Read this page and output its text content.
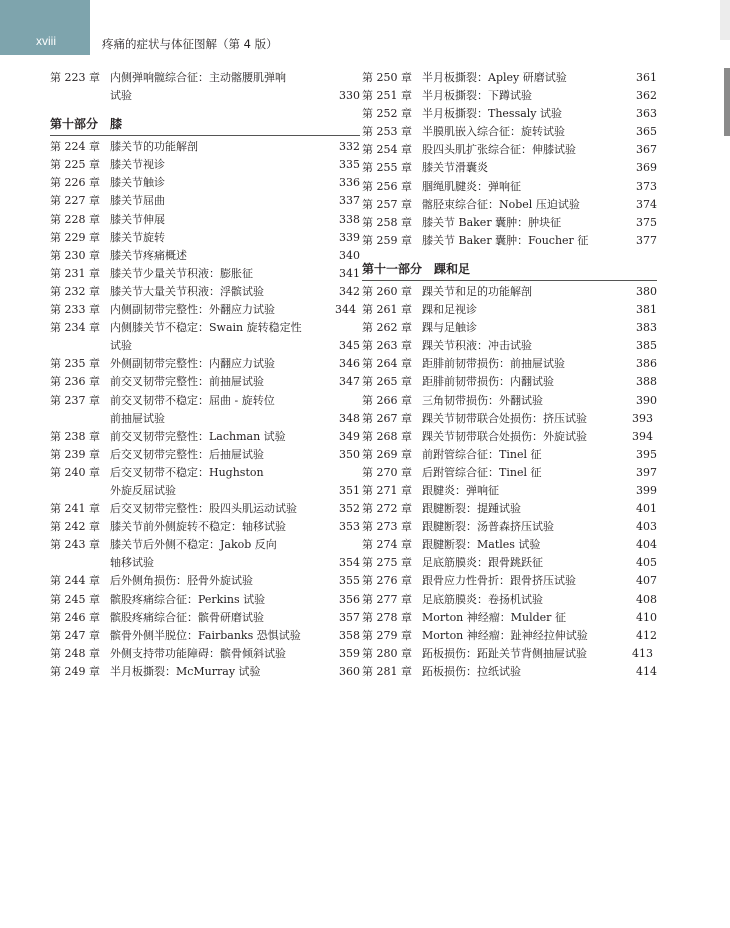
xviii	疼痛的症状与体征图解（第 4 版）
第 223 章 内侧弹响髋综合征：主动髂腰肌弹响
试验	330
第十部分　膝
第 224 章 膝关节的功能解剖	332
第 225 章 膝关节视诊	335
第 226 章 膝关节触诊	336
第 227 章 膝关节屈曲	337
第 228 章 膝关节伸展	338
第 229 章 膝关节旋转	339
第 230 章 膝关节疼痛概述	340
第 231 章 膝关节少量关节积液：膨胀征	341
第 232 章 膝关节大量关节积液：浮髌试验	342
第 233 章 内侧副韧带完整性：外翻应力试验	344
第 234 章 内侧膝关节不稳定：Swain 旋转稳定性
试验	345
第 235 章 外侧副韧带完整性：内翻应力试验	346
第 236 章 前交叉韧带完整性：前抽屉试验	347
第 237 章 前交叉韧带不稳定：屈曲 - 旋转位
前抽屉试验	348
第 238 章 前交叉韧带完整性：Lachman 试验	349
第 239 章 后交叉韧带完整性：后抽屉试验	350
第 240 章 后交叉韧带不稳定：Hughston
外旋反屈试验	351
第 241 章 后交叉韧带完整性：股四头肌运动试验	352
第 242 章 膝关节前外侧旋转不稳定：轴移试验	353
第 243 章 膝关节后外侧不稳定：Jakob 反向
轴移试验	354
第 244 章 后外侧角损伤：胫骨外旋试验	355
第 245 章 髌股疼痛综合征：Perkins 试验	356
第 246 章 髌股疼痛综合征：髌骨研磨试验	357
第 247 章 髌骨外侧半脱位：Fairbanks 恐惧试验	358
第 248 章 外侧支持带功能障碍：髌骨倾斜试验	359
第 249 章 半月板撕裂：McMurray 试验	360
第 250 章 半月板撕裂：Apley 研磨试验	361
第 251 章 半月板撕裂：下蹲试验	362
第 252 章 半月板撕裂：Thessaly 试验	363
第 253 章 半膜肌嵌入综合征：旋转试验	365
第 254 章 股四头肌扩张综合征：伸膝试验	367
第 255 章 膝关节滑囊炎	369
第 256 章 腘绳肌腱炎：弹响征	373
第 257 章 髂胫束综合征：Nobel 压迫试验	374
第 258 章 膝关节 Baker 囊肿：肿块征	375
第 259 章 膝关节 Baker 囊肿：Foucher 征	377
第十一部分　踝和足
第 260 章 踝关节和足的功能解剖	380
第 261 章 踝和足视诊	381
第 262 章 踝与足触诊	383
第 263 章 踝关节积液：冲击试验	385
第 264 章 距腓前韧带损伤：前抽屉试验	386
第 265 章 距腓前韧带损伤：内翻试验	388
第 266 章 三角韧带损伤：外翻试验	390
第 267 章 踝关节韧带联合处损伤：挤压试验	393
第 268 章 踝关节韧带联合处损伤：外旋试验	394
第 269 章 前跗管综合征：Tinel 征	395
第 270 章 后跗管综合征：Tinel 征	397
第 271 章 跟腱炎：弹响征	399
第 272 章 跟腱断裂：提踵试验	401
第 273 章 跟腱断裂：汤普森挤压试验	403
第 274 章 跟腱断裂：Matles 试验	404
第 275 章 足底筋膜炎：跟骨跳跃征	405
第 276 章 跟骨应力性骨折：跟骨挤压试验	407
第 277 章 足底筋膜炎：卷扬机试验	408
第 278 章 Morton 神经瘤：Mulder 征	410
第 279 章 Morton 神经瘤：趾神经拉伸试验	412
第 280 章 跖板损伤：跖趾关节背侧抽屉试验	413
第 281 章 跖板损伤：拉纸试验	414
